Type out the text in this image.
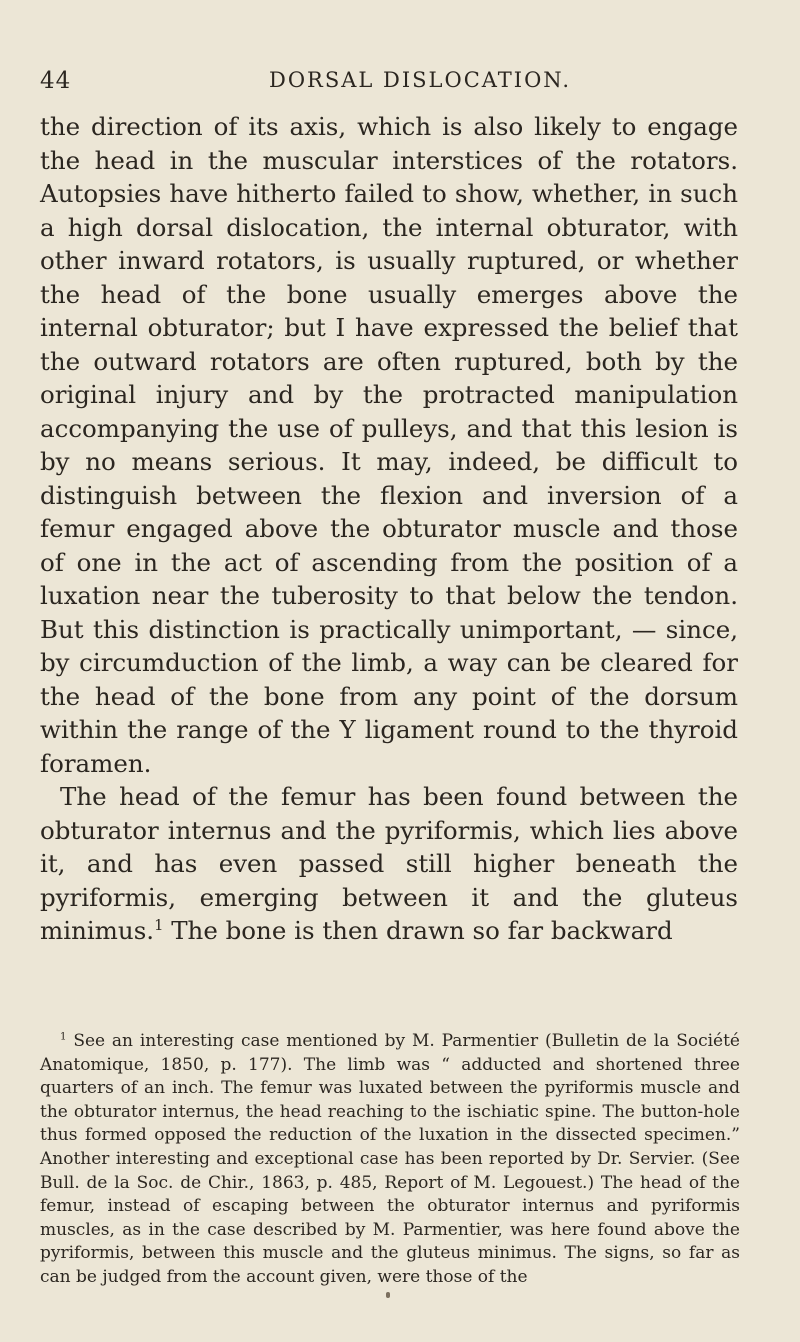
44	DORSAL DISLOCATION.

the direction of its axis, which is also likely to engage the head in the muscular interstices of the rotators. Autopsies have hitherto failed to show, whether, in such a high dorsal dislocation, the internal obturator, with other inward rotators, is usually ruptured, or whether the head of the bone usually emerges above the internal obturator; but I have expressed the belief that the outward rotators are often ruptured, both by the original injury and by the protracted manipulation accompanying the use of pulleys, and that this lesion is by no means serious. It may, indeed, be difficult to distinguish between the flexion and inversion of a femur engaged above the obturator muscle and those of one in the act of ascending from the position of a luxation near the tuberosity to that below the tendon. But this distinction is practically unimportant, — since, by circumduction of the limb, a way can be cleared for the head of the bone from any point of the dorsum within the range of the Y ligament round to the thyroid foramen.

The head of the femur has been found between the obturator internus and the pyriformis, which lies above it, and has even passed still higher beneath the pyriformis, emerging between it and the gluteus minimus.$^1$ The bone is then drawn so far backward

$^1$ See an interesting case mentioned by M. Parmentier (Bulletin de la Société Anatomique, 1850, p. 177). The limb was “ adducted and shortened three quarters of an inch. The femur was luxated between the pyriformis muscle and the obturator internus, the head reaching to the ischiatic spine. The button-hole thus formed opposed the reduction of the luxation in the dissected specimen.” Another interesting and exceptional case has been reported by Dr. Servier. (See Bull. de la Soc. de Chir., 1863, p. 485, Report of M. Legouest.) The head of the femur, instead of escaping between the obturator internus and pyriformis muscles, as in the case described by M. Parmentier, was here found above the pyriformis, between this muscle and the gluteus minimus. The signs, so far as can be judged from the account given, were those of the
